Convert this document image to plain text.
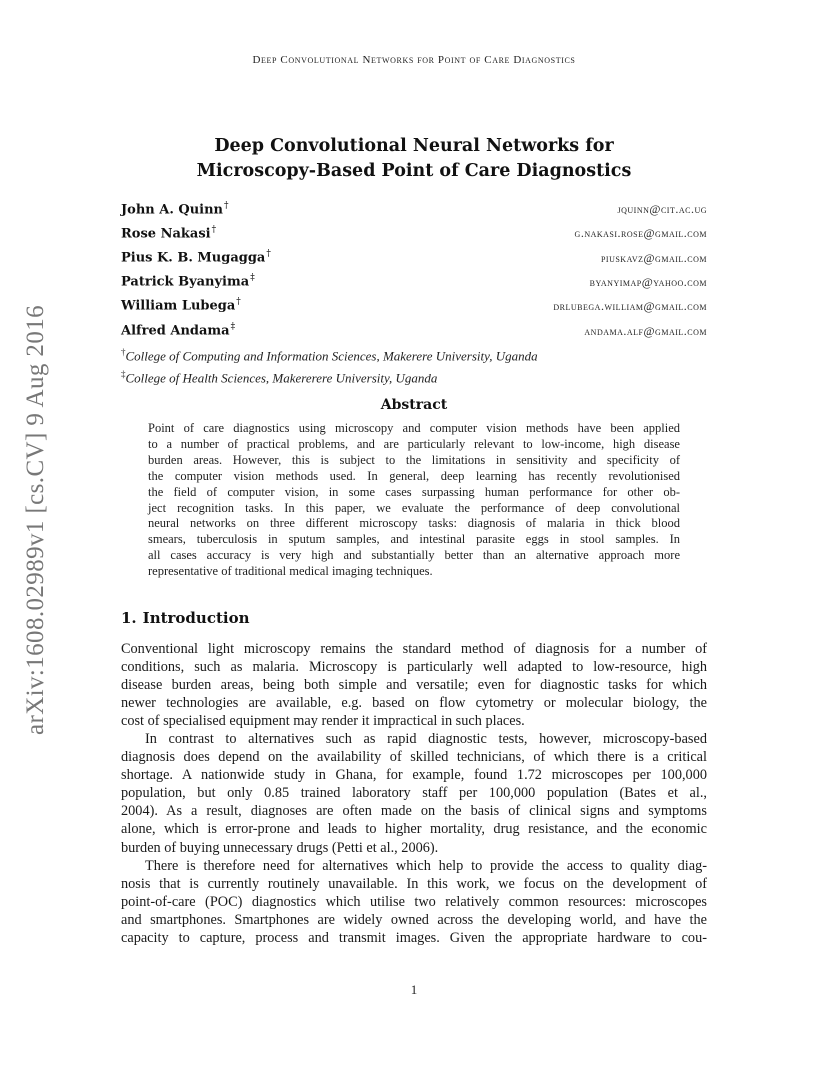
Deep Convolutional Networks for Point of Care Diagnostics
arXiv:1608.02989v1 [cs.CV] 9 Aug 2016
Deep Convolutional Neural Networks for
Microscopy-Based Point of Care Diagnostics
John A. Quinn†	jquinn@cit.ac.ug
Rose Nakasi†	g.nakasi.rose@gmail.com
Pius K. B. Mugagga†	piuskavz@gmail.com
Patrick Byanyima‡	byanyimap@yahoo.com
William Lubega†	drlubega.william@gmail.com
Alfred Andama‡	andama.alf@gmail.com
†College of Computing and Information Sciences, Makerere University, Uganda
‡College of Health Sciences, Makererere University, Uganda
Abstract
Point of care diagnostics using microscopy and computer vision methods have been applied
to a number of practical problems, and are particularly relevant to low-income, high disease
burden areas. However, this is subject to the limitations in sensitivity and specificity of
the computer vision methods used. In general, deep learning has recently revolutionised
the field of computer vision, in some cases surpassing human performance for other ob-
ject recognition tasks. In this paper, we evaluate the performance of deep convolutional
neural networks on three different microscopy tasks: diagnosis of malaria in thick blood
smears, tuberculosis in sputum samples, and intestinal parasite eggs in stool samples. In
all cases accuracy is very high and substantially better than an alternative approach more
representative of traditional medical imaging techniques.
1. Introduction
Conventional light microscopy remains the standard method of diagnosis for a number of
conditions, such as malaria. Microscopy is particularly well adapted to low-resource, high
disease burden areas, being both simple and versatile; even for diagnostic tasks for which
newer technologies are available, e.g. based on flow cytometry or molecular biology, the
cost of specialised equipment may render it impractical in such places.
In contrast to alternatives such as rapid diagnostic tests, however, microscopy-based
diagnosis does depend on the availability of skilled technicians, of which there is a critical
shortage. A nationwide study in Ghana, for example, found 1.72 microscopes per 100,000
population, but only 0.85 trained laboratory staff per 100,000 population (Bates et al.,
2004). As a result, diagnoses are often made on the basis of clinical signs and symptoms
alone, which is error-prone and leads to higher mortality, drug resistance, and the economic
burden of buying unnecessary drugs (Petti et al., 2006).
There is therefore need for alternatives which help to provide the access to quality diag-
nosis that is currently routinely unavailable. In this work, we focus on the development of
point-of-care (POC) diagnostics which utilise two relatively common resources: microscopes
and smartphones. Smartphones are widely owned across the developing world, and have the
capacity to capture, process and transmit images. Given the appropriate hardware to cou-
1
